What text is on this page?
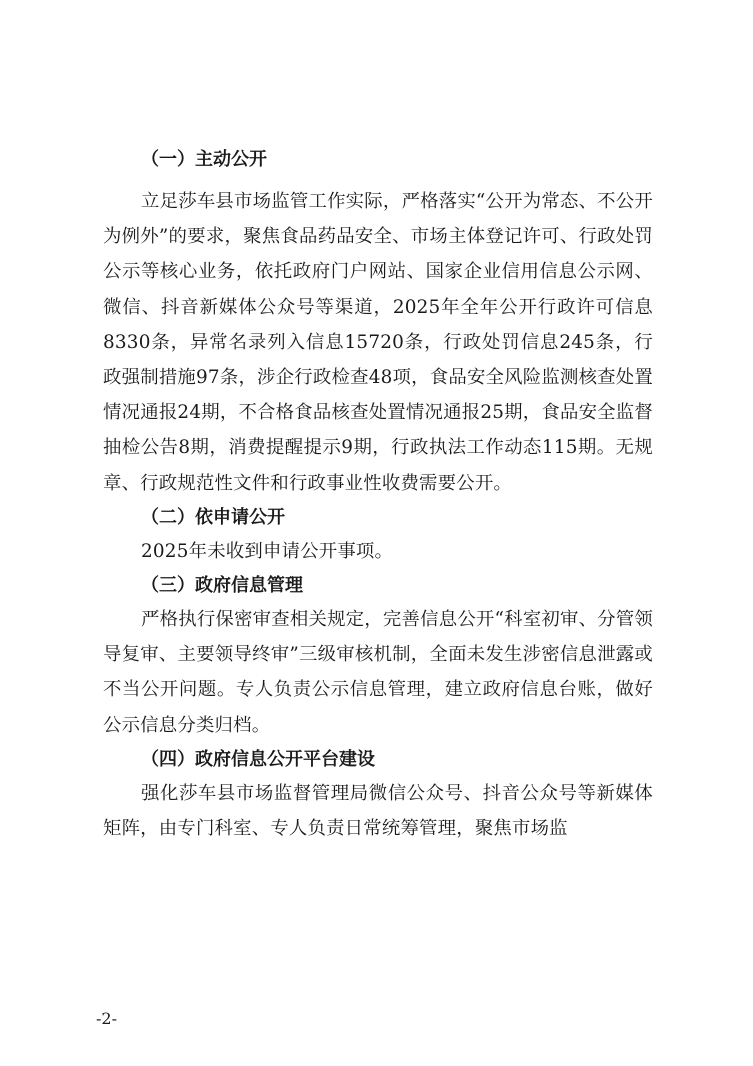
（一）主动公开

立足莎车县市场监管工作实际，严格落实“公开为常态、不公开为例外”的要求，聚焦食品药品安全、市场主体登记许可、行政处罚公示等核心业务，依托政府门户网站、国家企业信用信息公示网、微信、抖音新媒体公众号等渠道，2025年全年公开行政许可信息8330条，异常名录列入信息15720条，行政处罚信息245条，行政强制措施97条，涉企行政检查48项，食品安全风险监测核查处置情况通报24期，不合格食品核查处置情况通报25期，食品安全监督抽检公告8期，消费提醒提示9期，行政执法工作动态115期。无规章、行政规范性文件和行政事业性收费需要公开。

（二）依申请公开

2025年未收到申请公开事项。

（三）政府信息管理

严格执行保密审查相关规定，完善信息公开“科室初审、分管领导复审、主要领导终审”三级审核机制，全面未发生涉密信息泄露或不当公开问题。专人负责公示信息管理，建立政府信息台账，做好公示信息分类归档。

（四）政府信息公开平台建设

强化莎车县市场监督管理局微信公众号、抖音公众号等新媒体矩阵，由专门科室、专人负责日常统筹管理，聚焦市场监

-2-
